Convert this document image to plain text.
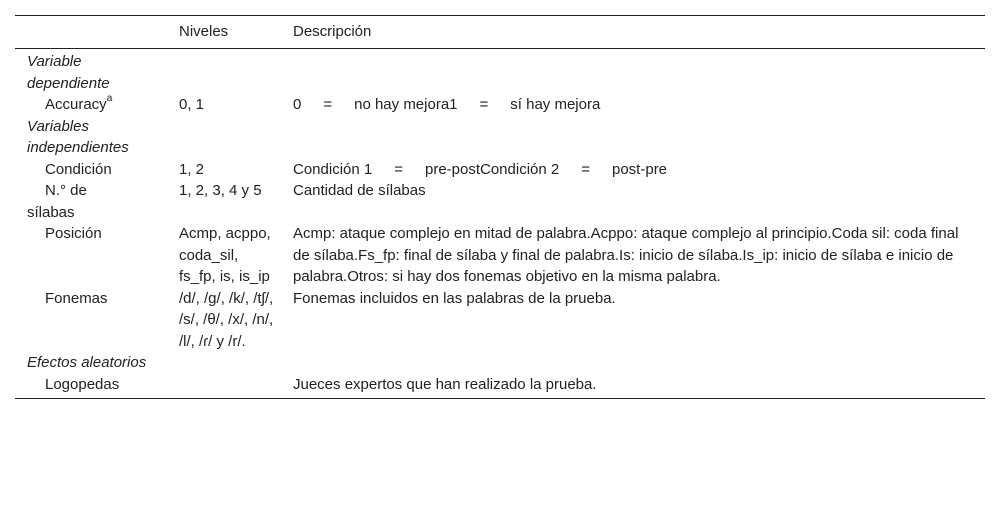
	Niveles	Descripción
Variable dependiente		
Accuracy$^a$	0, 1	0 = no hay mejora1 = sí hay mejora
Variables independientes		
Condición	1, 2	Condición 1 = pre-postCondición 2 = post-pre
N.° de
sílabas	1, 2, 3, 4 y 5	Cantidad de sílabas
Posición	Acmp, acppo, coda_sil, fs_fp, is, is_ip	Acmp: ataque complejo en mitad de palabra.Acppo: ataque complejo al principio.Coda sil: coda final de sílaba.Fs_fp: final de sílaba y final de palabra.Is: inicio de sílaba.Is_ip: inicio de sílaba e inicio de palabra.Otros: si hay dos fonemas objetivo en la misma palabra.
Fonemas	/d/, /g/, /k/, /tʃ/, /s/, /θ/, /x/, /n/, /l/, /ɾ/ y /r/.	Fonemas incluidos en las palabras de la prueba.
Efectos aleatorios		
Logopedas		Jueces expertos que han realizado la prueba.
